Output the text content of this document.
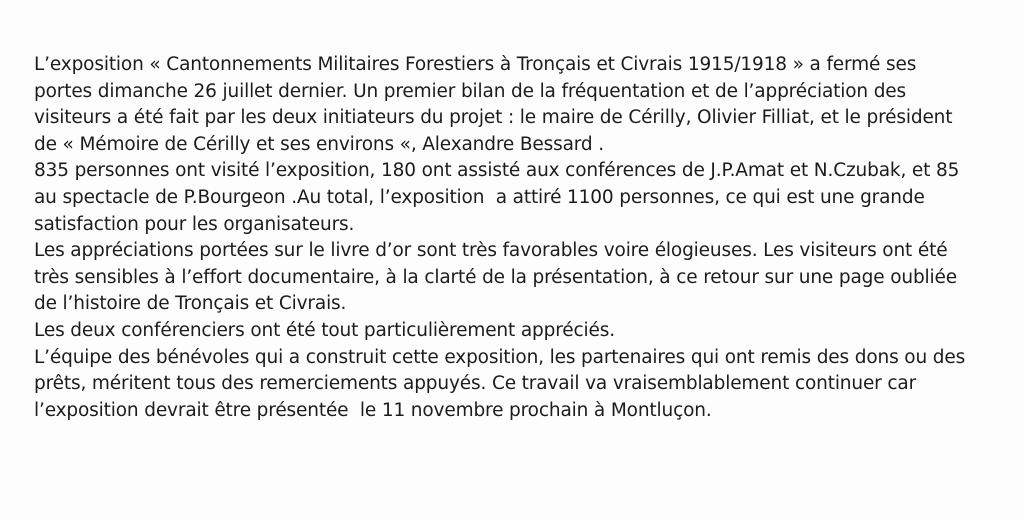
L’exposition « Cantonnements Militaires Forestiers à Tronçais et Civrais 1915/1918 » a fermé ses
portes dimanche 26 juillet dernier. Un premier bilan de la fréquentation et de l’appréciation des
visiteurs a été fait par les deux initiateurs du projet : le maire de Cérilly, Olivier Filliat, et le président
de « Mémoire de Cérilly et ses environs «, Alexandre Bessard .
835 personnes ont visité l’exposition, 180 ont assisté aux conférences de J.P.Amat et N.Czubak, et 85
au spectacle de P.Bourgeon .Au total, l’exposition  a attiré 1100 personnes, ce qui est une grande
satisfaction pour les organisateurs.
Les appréciations portées sur le livre d’or sont très favorables voire élogieuses. Les visiteurs ont été
très sensibles à l’effort documentaire, à la clarté de la présentation, à ce retour sur une page oubliée
de l’histoire de Tronçais et Civrais.
Les deux conférenciers ont été tout particulièrement appréciés.
L’équipe des bénévoles qui a construit cette exposition, les partenaires qui ont remis des dons ou des
prêts, méritent tous des remerciements appuyés. Ce travail va vraisemblablement continuer car
l’exposition devrait être présentée  le 11 novembre prochain à Montluçon.
